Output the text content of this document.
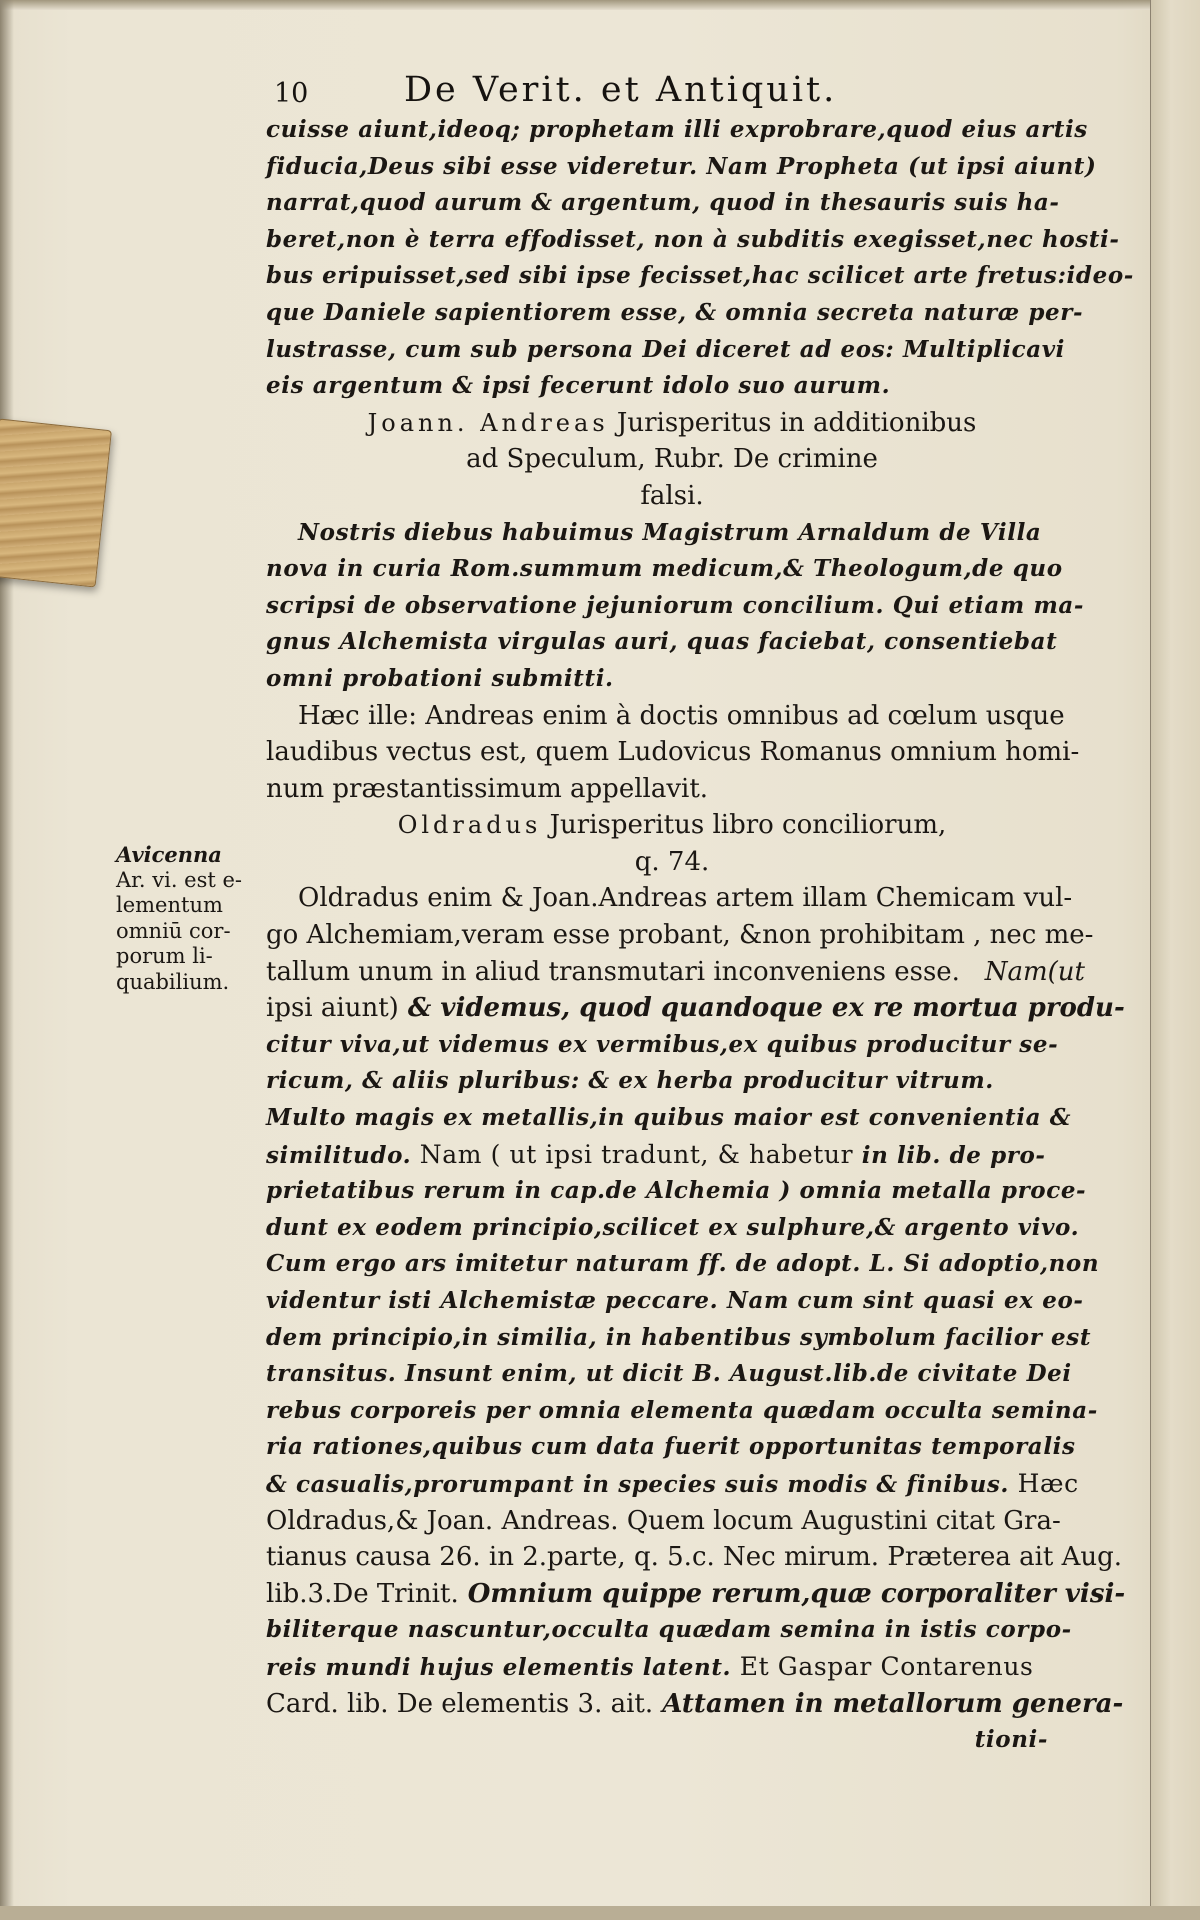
10	De Verit. et Antiquit.
Avicenna
Ar. vi. est e-
lementum
omniū cor-
porum li-
quabilium.
cuisse aiunt,ideoq; prophetam illi exprobrare,quod eius artis
fiducia,Deus sibi esse videretur. Nam Propheta (ut ipsi aiunt)
narrat,quod aurum & argentum, quod in thesauris suis ha-
beret,non è terra effodisset, non à subditis exegisset,nec hosti-
bus eripuisset,sed sibi ipse fecisset,hac scilicet arte fretus:ideo-
que Daniele sapientiorem esse, & omnia secreta naturæ per-
lustrasse, cum sub persona Dei diceret ad eos: Multiplicavi
eis argentum & ipsi fecerunt idolo suo aurum.
Joann. Andreas Jurisperitus in additionibus
ad Speculum, Rubr. De crimine
falsi.
Nostris diebus habuimus Magistrum Arnaldum de Villa
nova in curia Rom.summum medicum,& Theologum,de quo
scripsi de observatione jejuniorum concilium. Qui etiam ma-
gnus Alchemista virgulas auri, quas faciebat, consentiebat
omni probationi submitti.
Hæc ille: Andreas enim à doctis omnibus ad cœlum usque
laudibus vectus est, quem Ludovicus Romanus omnium homi-
num præstantissimum appellavit.
Oldradus Jurisperitus libro conciliorum,
q. 74.
Oldradus enim & Joan.Andreas artem illam Chemicam vul-
go Alchemiam,veram esse probant, &non prohibitam , nec me-
tallum unum in aliud transmutari inconveniens esse. Nam(ut
ipsi aiunt) & videmus, quod quandoque ex re mortua produ-
citur viva,ut videmus ex vermibus,ex quibus producitur se-
ricum, & aliis pluribus: & ex herba producitur vitrum.
Multo magis ex metallis,in quibus maior est convenientia &
similitudo. Nam ( ut ipsi tradunt, & habetur in lib. de pro-
prietatibus rerum in cap.de Alchemia ) omnia metalla proce-
dunt ex eodem principio,scilicet ex sulphure,& argento vivo.
Cum ergo ars imitetur naturam ff. de adopt. L. Si adoptio,non
videntur isti Alchemistæ peccare. Nam cum sint quasi ex eo-
dem principio,in similia, in habentibus symbolum facilior est
transitus. Insunt enim, ut dicit B. August.lib.de civitate Dei
rebus corporeis per omnia elementa quædam occulta semina-
ria rationes,quibus cum data fuerit opportunitas temporalis
& casualis,prorumpant in species suis modis & finibus. Hæc
Oldradus,& Joan. Andreas. Quem locum Augustini citat Gra-
tianus causa 26. in 2.parte, q. 5.c. Nec mirum. Præterea ait Aug.
lib.3.De Trinit. Omnium quippe rerum,quæ corporaliter visi-
biliterque nascuntur,occulta quædam semina in istis corpo-
reis mundi hujus elementis latent. Et Gaspar Contarenus
Card. lib. De elementis 3. ait. Attamen in metallorum genera-
tioni-
